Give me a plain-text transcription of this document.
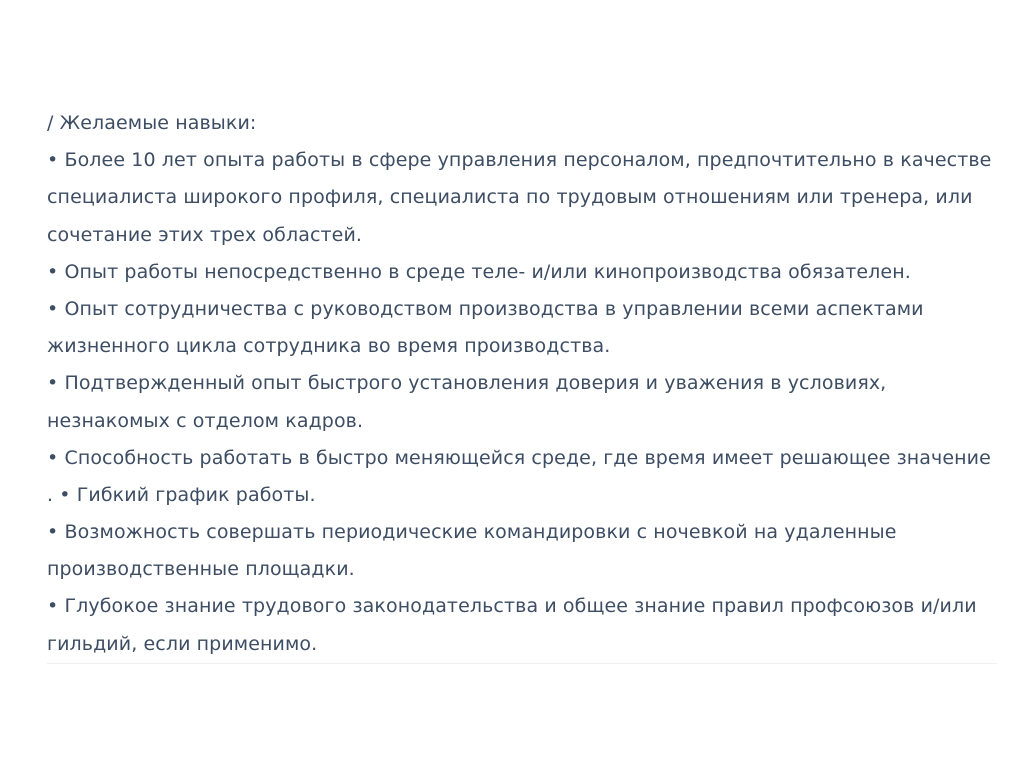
/ Желаемые навыки:
• Более 10 лет опыта работы в сфере управления персоналом, предпочтительно в качестве
специалиста широкого профиля, специалиста по трудовым отношениям или тренера, или
сочетание этих трех областей.
• Опыт работы непосредственно в среде теле- и/или кинопроизводства обязателен.
• Опыт сотрудничества с руководством производства в управлении всеми аспектами
жизненного цикла сотрудника во время производства.
• Подтвержденный опыт быстрого установления доверия и уважения в условиях,
незнакомых с отделом кадров.
• Способность работать в быстро меняющейся среде, где время имеет решающее значение
. • Гибкий график работы.
• Возможность совершать периодические командировки с ночевкой на удаленные
производственные площадки.
• Глубокое знание трудового законодательства и общее знание правил профсоюзов и/или
гильдий, если применимо.
